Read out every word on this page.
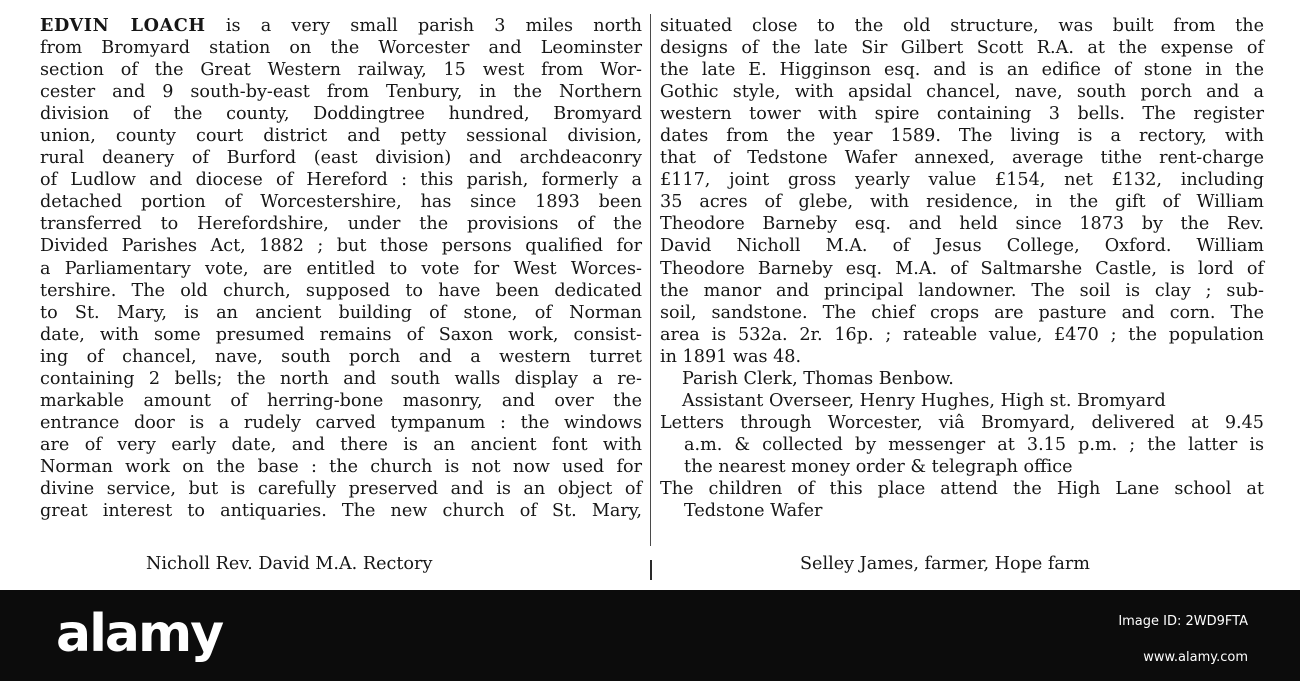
EDVIN LOACH is a very small parish 3 miles north
from Bromyard station on the Worcester and Leominster
section of the Great Western railway, 15 west from Wor-
cester and 9 south-by-east from Tenbury, in the Northern
division of the county, Doddingtree hundred, Bromyard
union, county court district and petty sessional division,
rural deanery of Burford (east division) and archdeaconry
of Ludlow and diocese of Hereford : this parish, formerly a
detached portion of Worcestershire, has since 1893 been
transferred to Herefordshire, under the provisions of the
Divided Parishes Act, 1882 ; but those persons qualified for
a Parliamentary vote, are entitled to vote for West Worces-
tershire. The old church, supposed to have been dedicated
to St. Mary, is an ancient building of stone, of Norman
date, with some presumed remains of Saxon work, consist-
ing of chancel, nave, south porch and a western turret
containing 2 bells; the north and south walls display a re-
markable amount of herring-bone masonry, and over the
entrance door is a rudely carved tympanum : the windows
are of very early date, and there is an ancient font with
Norman work on the base : the church is not now used for
divine service, but is carefully preserved and is an object of
great interest to antiquaries. The new church of St. Mary,
situated close to the old structure, was built from the
designs of the late Sir Gilbert Scott R.A. at the expense of
the late E. Higginson esq. and is an edifice of stone in the
Gothic style, with apsidal chancel, nave, south porch and a
western tower with spire containing 3 bells. The register
dates from the year 1589. The living is a rectory, with
that of Tedstone Wafer annexed, average tithe rent-charge
£117, joint gross yearly value £154, net £132, including
35 acres of glebe, with residence, in the gift of William
Theodore Barneby esq. and held since 1873 by the Rev.
David Nicholl M.A. of Jesus College, Oxford. William
Theodore Barneby esq. M.A. of Saltmarshe Castle, is lord of
the manor and principal landowner. The soil is clay ; sub-
soil, sandstone. The chief crops are pasture and corn. The
area is 532a. 2r. 16p. ; rateable value, £470 ; the population
in 1891 was 48.
Parish Clerk, Thomas Benbow.
Assistant Overseer, Henry Hughes, High st. Bromyard
Letters through Worcester, viâ Bromyard, delivered at 9.45
a.m. & collected by messenger at 3.15 p.m. ; the latter is
the nearest money order & telegraph office
The children of this place attend the High Lane school at
Tedstone Wafer
Nicholl Rev. David M.A. Rectory	Selley James, farmer, Hope farm
alamy	Image ID: 2WD9FTA
www.alamy.com
